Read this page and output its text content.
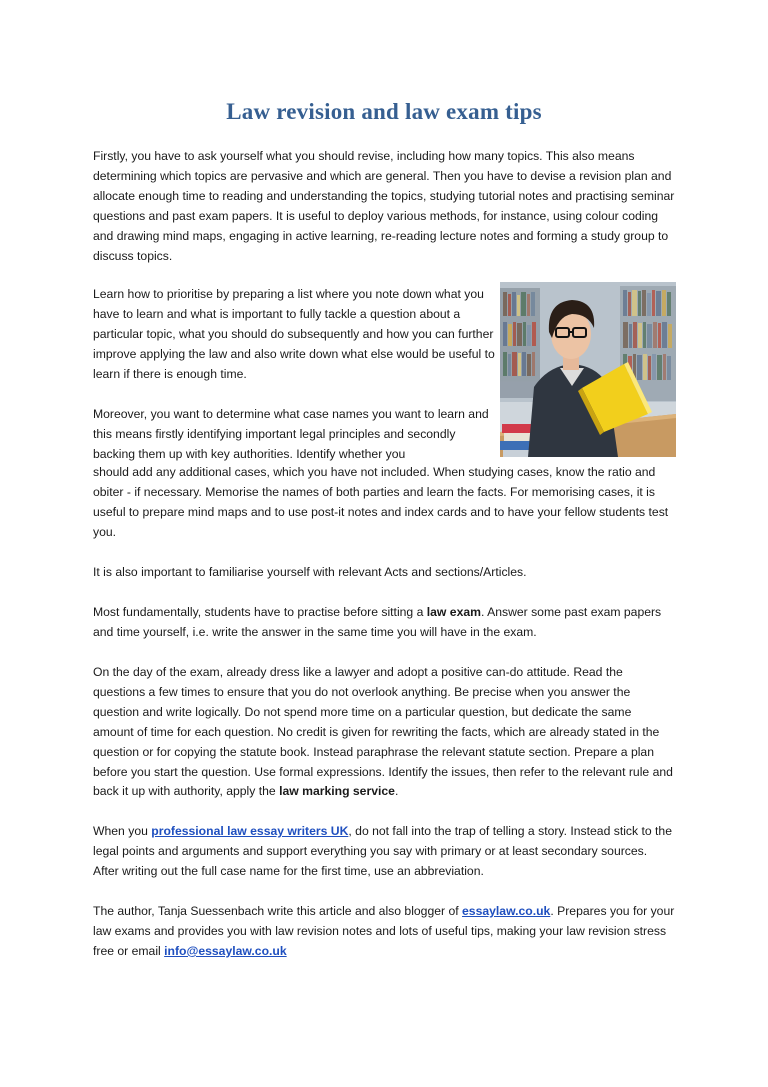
Law revision and law exam tips

Firstly, you have to ask yourself what you should revise, including how many topics. This also means determining which topics are pervasive and which are general. Then you have to devise a revision plan and allocate enough time to reading and understanding the topics, studying tutorial notes and practising seminar questions and past exam papers. It is useful to deploy various methods, for instance, using colour coding and drawing mind maps, engaging in active learning, re-reading lecture notes and forming a study group to discuss topics.

Learn how to prioritise by preparing a list where you note down what you have to learn and what is important to fully tackle a question about a particular topic, what you should do subsequently and how you can further improve applying the law and also write down what else would be useful to learn if there is enough time.

Moreover, you want to determine what case names you want to learn and this means firstly identifying important legal principles and secondly backing them up with key authorities. Identify whether you

should add any additional cases, which you have not included. When studying cases, know the ratio and obiter - if necessary. Memorise the names of both parties and learn the facts. For memorising cases, it is useful to prepare mind maps and to use post-it notes and index cards and to have your fellow students test you.

It is also important to familiarise yourself with relevant Acts and sections/Articles.

Most fundamentally, students have to practise before sitting a law exam. Answer some past exam papers and time yourself, i.e. write the answer in the same time you will have in the exam.

On the day of the exam, already dress like a lawyer and adopt a positive can-do attitude. Read the questions a few times to ensure that you do not overlook anything. Be precise when you answer the question and write logically. Do not spend more time on a particular question, but dedicate the same amount of time for each question. No credit is given for rewriting the facts, which are already stated in the question or for copying the statute book. Instead paraphrase the relevant statute section. Prepare a plan before you start the question. Use formal expressions. Identify the issues, then refer to the relevant rule and back it up with authority, apply the law marking service.

When you professional law essay writers UK, do not fall into the trap of telling a story. Instead stick to the legal points and arguments and support everything you say with primary or at least secondary sources. After writing out the full case name for the first time, use an abbreviation.

The author, Tanja Suessenbach write this article and also blogger of essaylaw.co.uk. Prepares you for your law exams and provides you with law revision notes and lots of useful tips, making your law revision stress free or email info@essaylaw.co.uk
